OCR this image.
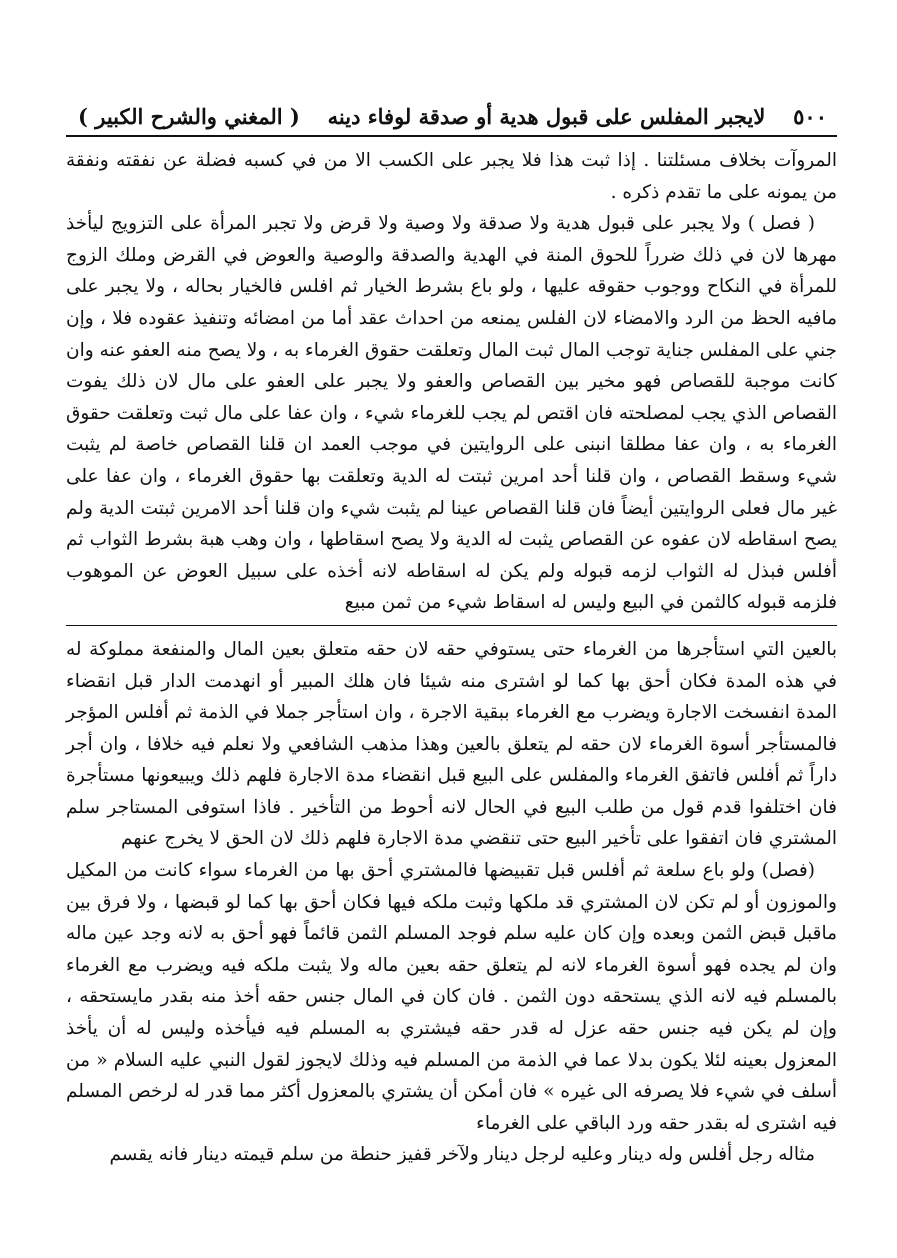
٥٠٠
لايجبر المفلس على قبول هدية أو صدقة لوفاء دينه
( المغني والشرح الكبير )

المروآت بخلاف مسئلتنا . إذا ثبت هذا فلا يجبر على الكسب الا من في كسبه فضلة عن نفقته ونفقة من يمونه على ما تقدم ذكره .

( فصل ) ولا يجبر على قبول هدية ولا صدقة ولا وصية ولا قرض ولا تجبر المرأة على التزويج ليأخذ مهرها لان في ذلك ضرراً للحوق المنة في الهدية والصدقة والوصية والعوض في القرض وملك الزوج للمرأة في النكاح ووجوب حقوقه عليها ، ولو باع بشرط الخيار ثم افلس فالخيار بحاله ، ولا يجبر على مافيه الحظ من الرد والامضاء لان الفلس يمنعه من احداث عقد أما من امضائه وتنفيذ عقوده فلا ، وإن جني على المفلس جناية توجب المال ثبت المال وتعلقت حقوق الغرماء به ، ولا يصح منه العفو عنه وان كانت موجبة للقصاص فهو مخير بين القصاص والعفو ولا يجبر على العفو على مال لان ذلك يفوت القصاص الذي يجب لمصلحته فان اقتص لم يجب للغرماء شيء ، وان عفا على مال ثبت وتعلقت حقوق الغرماء به ، وان عفا مطلقا انبنى على الروايتين في موجب العمد ان قلنا القصاص خاصة لم يثبت شيء وسقط القصاص ، وان قلنا أحد امرين ثبتت له الدية وتعلقت بها حقوق الغرماء ، وان عفا على غير مال فعلى الروايتين أيضاً فان قلنا القصاص عينا لم يثبت شيء وان قلنا أحد الامرين ثبتت الدية ولم يصح اسقاطه لان عفوه عن القصاص يثبت له الدية ولا يصح اسقاطها ، وان وهب هبة بشرط الثواب ثم أفلس فبذل له الثواب لزمه قبوله ولم يكن له اسقاطه لانه أخذه على سبيل العوض عن الموهوب فلزمه قبوله كالثمن في البيع وليس له اسقاط شيء من ثمن مبيع

بالعين التي استأجرها من الغرماء حتى يستوفي حقه لان حقه متعلق بعين المال والمنفعة مملوكة له في هذه المدة فكان أحق بها كما لو اشترى منه شيئا فان هلك المبير أو انهدمت الدار قبل انقضاء المدة انفسخت الاجارة ويضرب مع الغرماء ببقية الاجرة ، وان استأجر جملا في الذمة ثم أفلس المؤجر فالمستأجر أسوة الغرماء لان حقه لم يتعلق بالعين وهذا مذهب الشافعي ولا نعلم فيه خلافا ، وان أجر داراً ثم أفلس فاتفق الغرماء والمفلس على البيع قبل انقضاء مدة الاجارة فلهم ذلك ويبيعونها مستأجرة فان اختلفوا قدم قول من طلب البيع في الحال لانه أحوط من التأخير . فاذا استوفى المستاجر سلم المشتري فان اتفقوا على تأخير البيع حتى تنقضي مدة الاجارة فلهم ذلك لان الحق لا يخرج عنهم

(فصل) ولو باع سلعة ثم أفلس قبل تقبيضها فالمشتري أحق بها من الغرماء سواء كانت من المكيل والموزون أو لم تكن لان المشتري قد ملكها وثبت ملكه فيها فكان أحق بها كما لو قبضها ، ولا فرق بين ماقبل قبض الثمن وبعده وإن كان عليه سلم فوجد المسلم الثمن قائماً فهو أحق به لانه وجد عين ماله وان لم يجده فهو أسوة الغرماء لانه لم يتعلق حقه بعين ماله ولا يثبت ملكه فيه ويضرب مع الغرماء بالمسلم فيه لانه الذي يستحقه دون الثمن . فان كان في المال جنس حقه أخذ منه بقدر مايستحقه ، وإن لم يكن فيه جنس حقه عزل له قدر حقه فيشتري به المسلم فيه فيأخذه وليس له أن يأخذ المعزول بعينه لئلا يكون بدلا عما في الذمة من المسلم فيه وذلك لايجوز لقول النبي عليه السلام « من أسلف في شيء فلا يصرفه الى غيره » فان أمكن أن يشتري بالمعزول أكثر مما قدر له لرخص المسلم فيه اشترى له بقدر حقه ورد الباقي على الغرماء

مثاله رجل أفلس وله دينار وعليه لرجل دينار ولآخر قفيز حنطة من سلم قيمته دينار فانه يقسم
